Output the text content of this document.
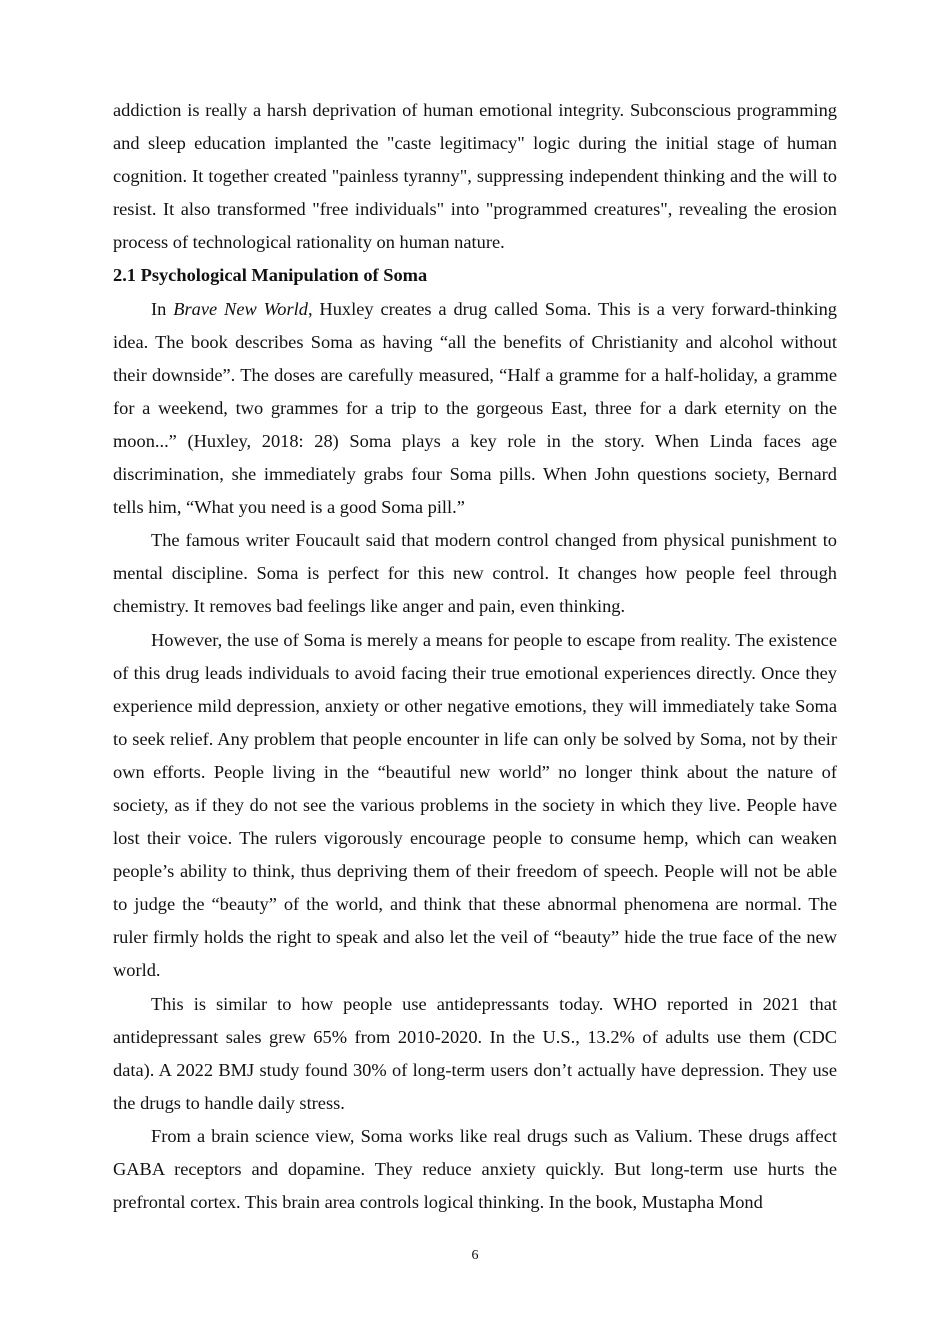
addiction is really a harsh deprivation of human emotional integrity. Subconscious programming and sleep education implanted the "caste legitimacy" logic during the initial stage of human cognition. It together created "painless tyranny", suppressing independent thinking and the will to resist. It also transformed "free individuals" into "programmed creatures", revealing the erosion process of technological rationality on human nature.

2.1 Psychological Manipulation of Soma

In Brave New World, Huxley creates a drug called Soma. This is a very forward-thinking idea. The book describes Soma as having “all the benefits of Christianity and alcohol without their downside”. The doses are carefully measured, “Half a gramme for a half-holiday, a gramme for a weekend, two grammes for a trip to the gorgeous East, three for a dark eternity on the moon...” (Huxley, 2018: 28) Soma plays a key role in the story. When Linda faces age discrimination, she immediately grabs four Soma pills. When John questions society, Bernard tells him, “What you need is a good Soma pill.”

The famous writer Foucault said that modern control changed from physical punishment to mental discipline. Soma is perfect for this new control. It changes how people feel through chemistry. It removes bad feelings like anger and pain, even thinking.

However, the use of Soma is merely a means for people to escape from reality. The existence of this drug leads individuals to avoid facing their true emotional experiences directly. Once they experience mild depression, anxiety or other negative emotions, they will immediately take Soma to seek relief. Any problem that people encounter in life can only be solved by Soma, not by their own efforts. People living in the “beautiful new world” no longer think about the nature of society, as if they do not see the various problems in the society in which they live. People have lost their voice. The rulers vigorously encourage people to consume hemp, which can weaken people’s ability to think, thus depriving them of their freedom of speech. People will not be able to judge the “beauty” of the world, and think that these abnormal phenomena are normal. The ruler firmly holds the right to speak and also let the veil of “beauty” hide the true face of the new world.

This is similar to how people use antidepressants today. WHO reported in 2021 that antidepressant sales grew 65% from 2010-2020. In the U.S., 13.2% of adults use them (CDC data). A 2022 BMJ study found 30% of long-term users don’t actually have depression. They use the drugs to handle daily stress.

From a brain science view, Soma works like real drugs such as Valium. These drugs affect GABA receptors and dopamine. They reduce anxiety quickly. But long-term use hurts the prefrontal cortex. This brain area controls logical thinking. In the book, Mustapha Mond

6
